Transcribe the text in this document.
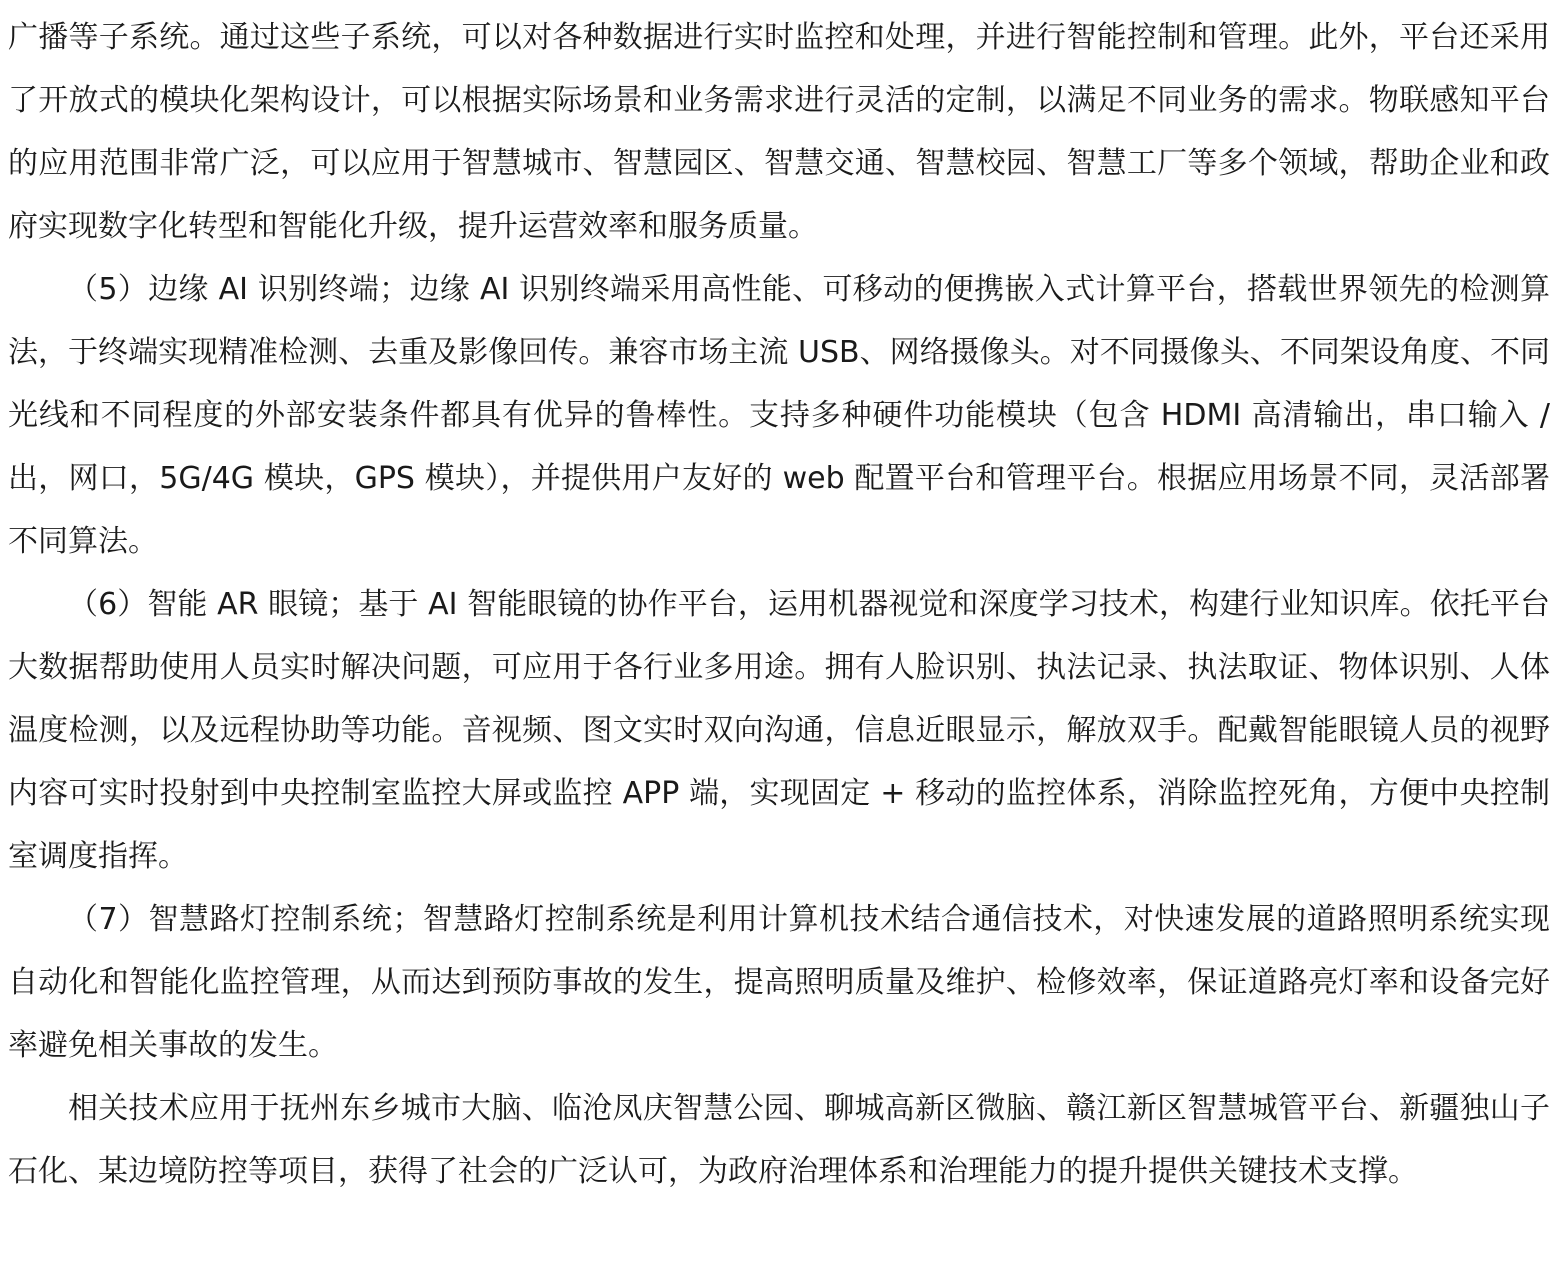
广播等子系统。通过这些子系统，可以对各种数据进行实时监控和处理，并进行智能控制和管理。此外，平台还采用了开放式的模块化架构设计，可以根据实际场景和业务需求进行灵活的定制，以满足不同业务的需求。物联感知平台的应用范围非常广泛，可以应用于智慧城市、智慧园区、智慧交通、智慧校园、智慧工厂等多个领域，帮助企业和政府实现数字化转型和智能化升级，提升运营效率和服务质量。

（5）边缘 AI 识别终端；边缘 AI 识别终端采用高性能、可移动的便携嵌入式计算平台，搭载世界领先的检测算法，于终端实现精准检测、去重及影像回传。兼容市场主流 USB、网络摄像头。对不同摄像头、不同架设角度、不同光线和不同程度的外部安装条件都具有优异的鲁棒性。支持多种硬件功能模块（包含 HDMI 高清输出，串口输入 / 出，网口，5G/4G 模块，GPS 模块），并提供用户友好的 web 配置平台和管理平台。根据应用场景不同，灵活部署不同算法。

（6）智能 AR 眼镜；基于 AI 智能眼镜的协作平台，运用机器视觉和深度学习技术，构建行业知识库。依托平台大数据帮助使用人员实时解决问题，可应用于各行业多用途。拥有人脸识别、执法记录、执法取证、物体识别、人体温度检测，以及远程协助等功能。音视频、图文实时双向沟通，信息近眼显示，解放双手。配戴智能眼镜人员的视野内容可实时投射到中央控制室监控大屏或监控 APP 端，实现固定 + 移动的监控体系，消除监控死角，方便中央控制室调度指挥。

（7）智慧路灯控制系统；智慧路灯控制系统是利用计算机技术结合通信技术，对快速发展的道路照明系统实现自动化和智能化监控管理，从而达到预防事故的发生，提高照明质量及维护、检修效率，保证道路亮灯率和设备完好率避免相关事故的发生。

相关技术应用于抚州东乡城市大脑、临沧凤庆智慧公园、聊城高新区微脑、赣江新区智慧城管平台、新疆独山子石化、某边境防控等项目，获得了社会的广泛认可，为政府治理体系和治理能力的提升提供关键技术支撑。
